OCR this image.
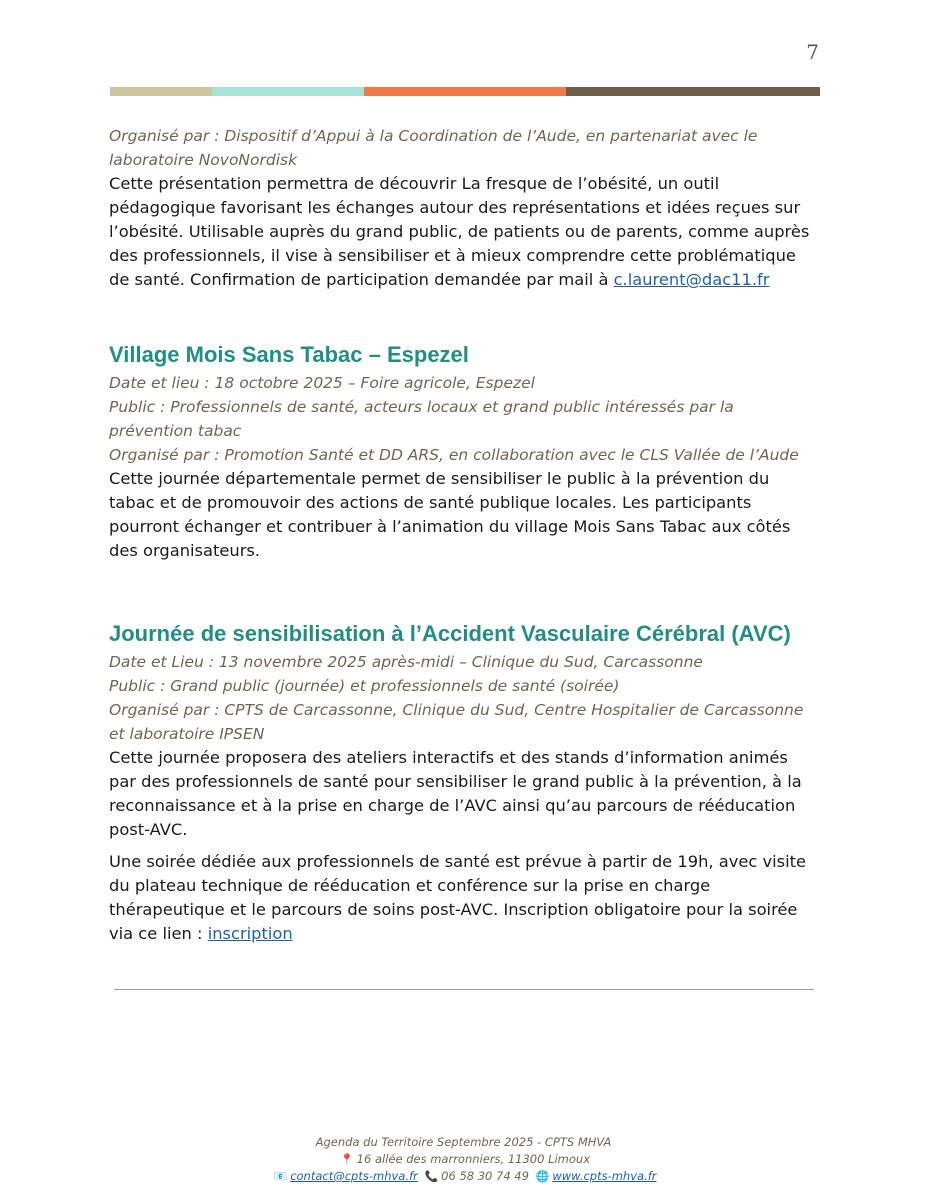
7
Organisé par : Dispositif d’Appui à la Coordination de l’Aude, en partenariat avec le laboratoire NovoNordisk

Cette présentation permettra de découvrir La fresque de l’obésité, un outil pédagogique favorisant les échanges autour des représentations et idées reçues sur l’obésité. Utilisable auprès du grand public, de patients ou de parents, comme auprès des professionnels, il vise à sensibiliser et à mieux comprendre cette problématique de santé. Confirmation de participation demandée par mail à c.laurent@dac11.fr

Village Mois Sans Tabac – Espezel
Date et lieu : 18 octobre 2025 – Foire agricole, Espezel
Public : Professionnels de santé, acteurs locaux et grand public intéressés par la prévention tabac
Organisé par : Promotion Santé et DD ARS, en collaboration avec le CLS Vallée de l’Aude

Cette journée départementale permet de sensibiliser le public à la prévention du tabac et de promouvoir des actions de santé publique locales. Les participants pourront échanger et contribuer à l’animation du village Mois Sans Tabac aux côtés des organisateurs.

Journée de sensibilisation à l’Accident Vasculaire Cérébral (AVC)
Date et Lieu : 13 novembre 2025 après-midi – Clinique du Sud, Carcassonne
Public : Grand public (journée) et professionnels de santé (soirée)
Organisé par : CPTS de Carcassonne, Clinique du Sud, Centre Hospitalier de Carcassonne et laboratoire IPSEN

Cette journée proposera des ateliers interactifs et des stands d’information animés par des professionnels de santé pour sensibiliser le grand public à la prévention, à la reconnaissance et à la prise en charge de l’AVC ainsi qu’au parcours de rééducation post-AVC.

Une soirée dédiée aux professionnels de santé est prévue à partir de 19h, avec visite du plateau technique de rééducation et conférence sur la prise en charge thérapeutique et le parcours de soins post-AVC. Inscription obligatoire pour la soirée via ce lien : inscription

Agenda du Territoire Septembre 2025 - CPTS MHVA
📍 16 allée des marronniers, 11300 Limoux
📧 contact@cpts-mhva.fr 📞 06 58 30 74 49 🌐 www.cpts-mhva.fr
